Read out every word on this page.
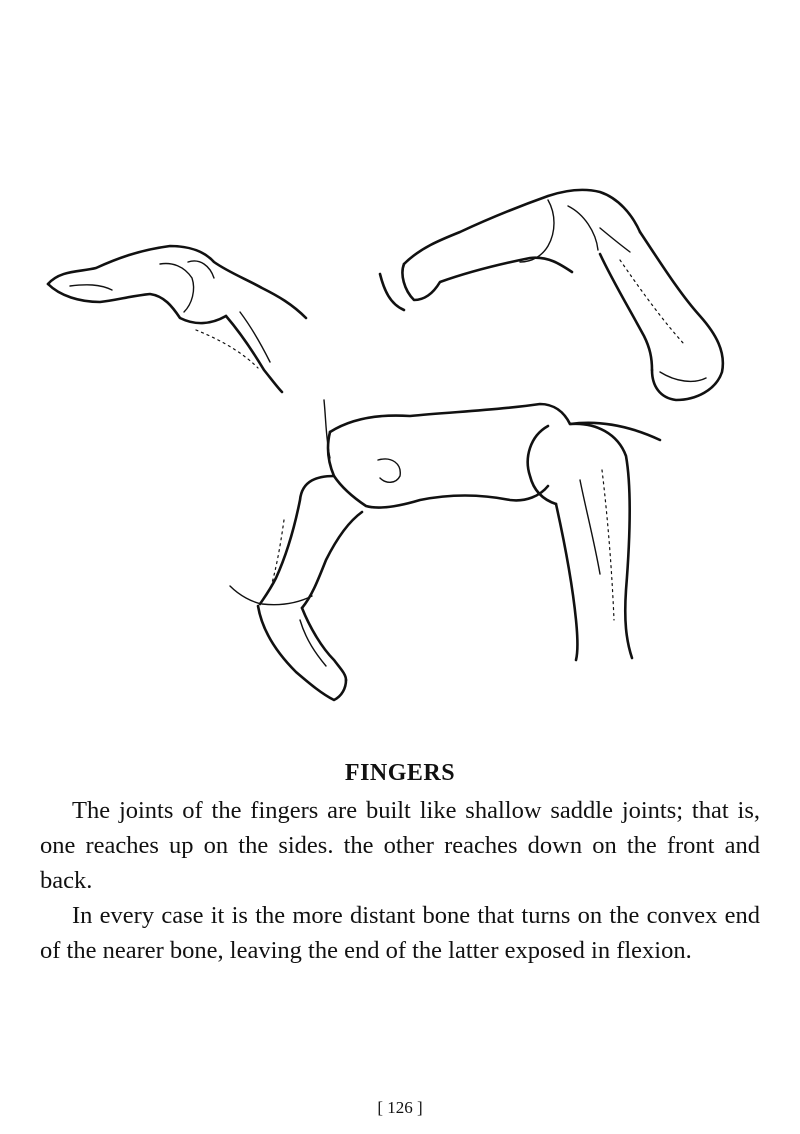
FINGERS

The joints of the fingers are built like shallow saddle joints; that is, one reaches up on the sides. the other reaches down on the front and back.

In every case it is the more distant bone that turns on the convex end of the nearer bone, leaving the end of the latter exposed in flexion.

[ 126 ]
